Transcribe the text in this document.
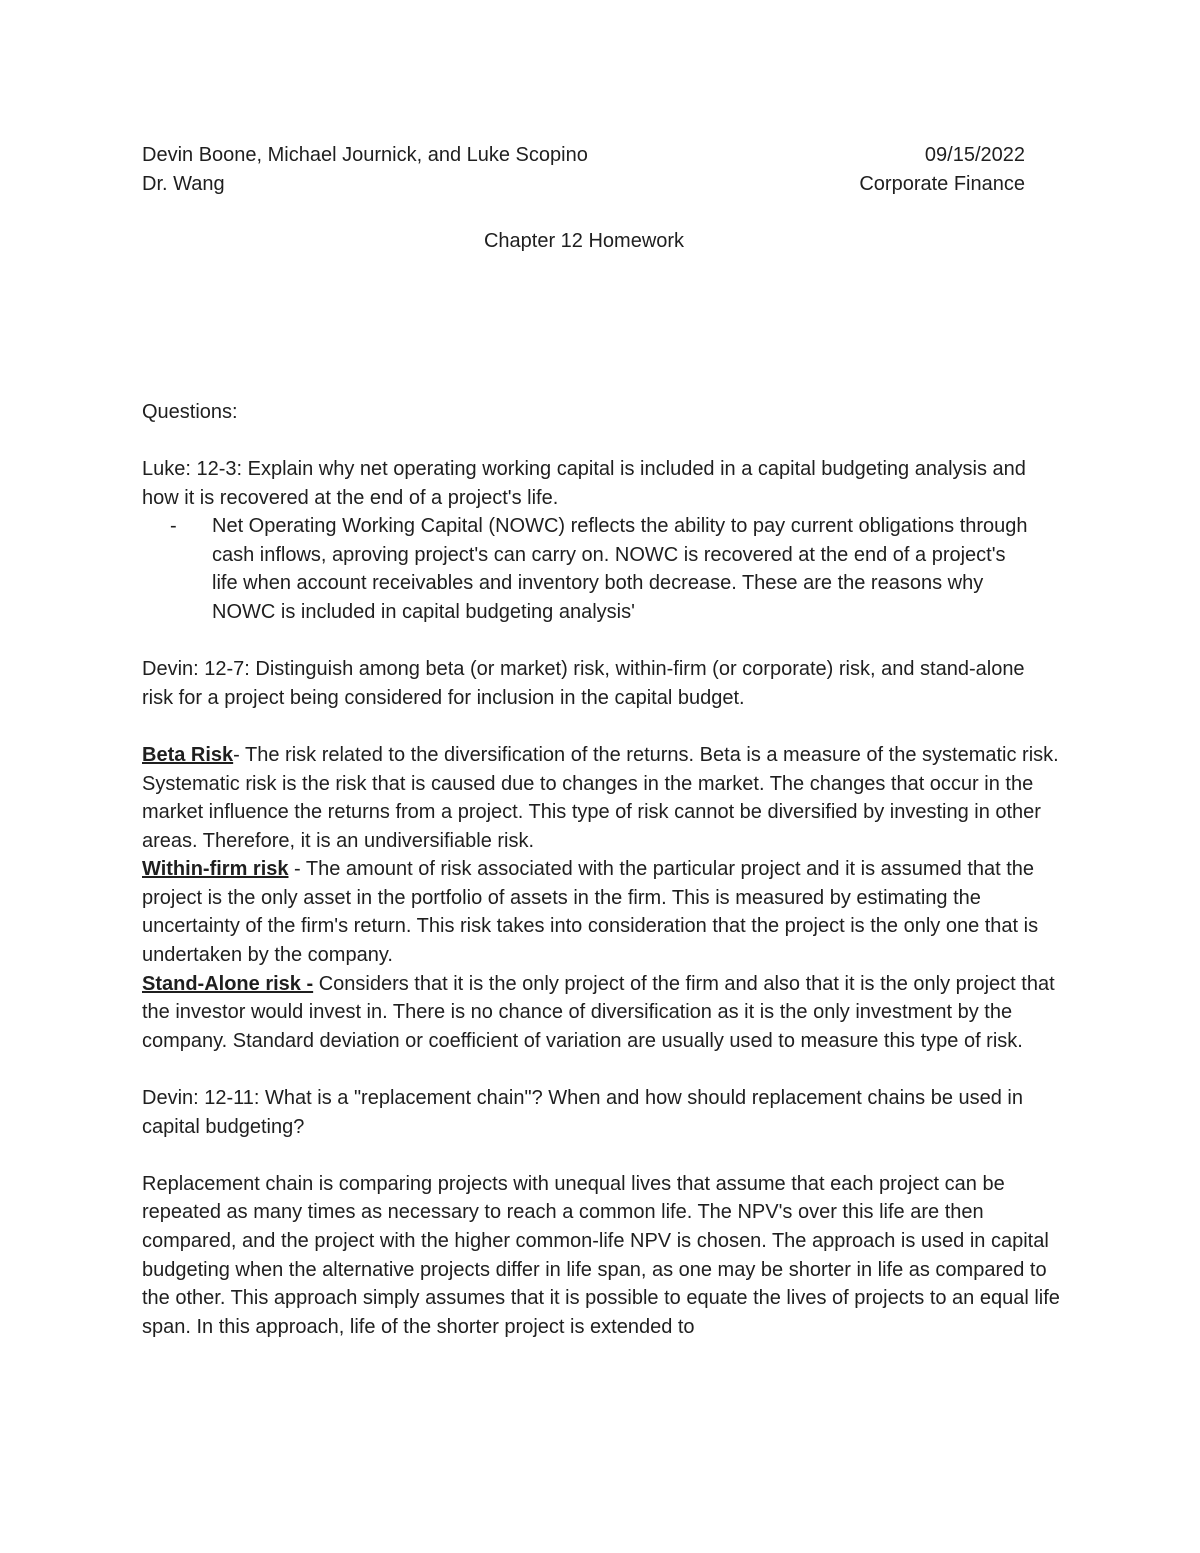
Devin Boone, Michael Journick, and Luke Scopino	09/15/2022
Dr. Wang	Corporate Finance
Chapter 12 Homework

Questions:

Luke: 12-3: Explain why net operating working capital is included in a capital budgeting analysis and how it is recovered at the end of a project's life.

-	Net Operating Working Capital (NOWC) reflects the ability to pay current obligations through cash inflows, aproving project's can carry on. NOWC is recovered at the end of a project's life when account receivables and inventory both decrease. These are the reasons why NOWC is included in capital budgeting analysis'

Devin: 12-7: Distinguish among beta (or market) risk, within-firm (or corporate) risk, and stand-alone risk for a project being considered for inclusion in the capital budget.

Beta Risk- The risk related to the diversification of the returns. Beta is a measure of the systematic risk. Systematic risk is the risk that is caused due to changes in the market. The changes that occur in the market influence the returns from a project. This type of risk cannot be diversified by investing in other areas. Therefore, it is an undiversifiable risk.

Within-firm risk - The amount of risk associated with the particular project and it is assumed that the project is the only asset in the portfolio of assets in the firm. This is measured by estimating the uncertainty of the firm's return. This risk takes into consideration that the project is the only one that is undertaken by the company.

Stand-Alone risk - Considers that it is the only project of the firm and also that it is the only project that the investor would invest in. There is no chance of diversification as it is the only investment by the company. Standard deviation or coefficient of variation are usually used to measure this type of risk.

Devin: 12-11: What is a "replacement chain"? When and how should replacement chains be used in capital budgeting?

Replacement chain is comparing projects with unequal lives that assume that each project can be repeated as many times as necessary to reach a common life. The NPV's over this life are then compared, and the project with the higher common-life NPV is chosen. The approach is used in capital budgeting when the alternative projects differ in life span, as one may be shorter in life as compared to the other. This approach simply assumes that it is possible to equate the lives of projects to an equal life span. In this approach, life of the shorter project is extended to
